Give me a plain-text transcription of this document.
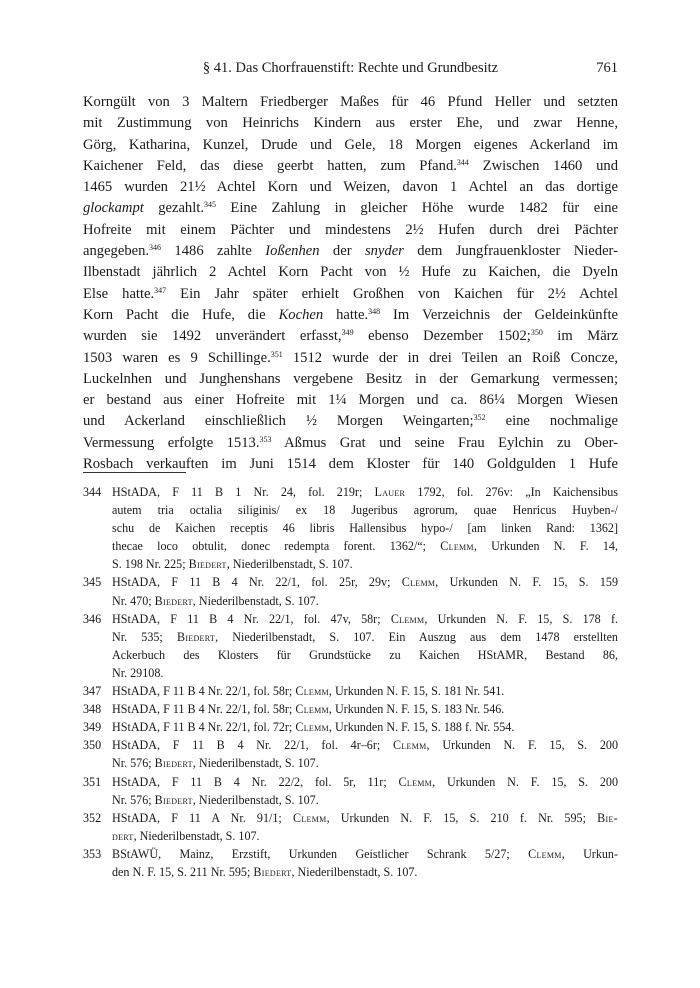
§ 41. Das Chorfrauenstift: Rechte und Grundbesitz	761
Korngült von 3 Maltern Friedberger Maßes für 46 Pfund Heller und setzten
mit Zustimmung von Heinrichs Kindern aus erster Ehe, und zwar Henne,
Görg, Katharina, Kunzel, Drude und Gele, 18 Morgen eigenes Ackerland im
Kaichener Feld, das diese geerbt hatten, zum Pfand.$^{344}$ Zwischen 1460 und
1465 wurden 21½ Achtel Korn und Weizen, davon 1 Achtel an das dortige
glockampt gezahlt.$^{345}$ Eine Zahlung in gleicher Höhe wurde 1482 für eine
Hofreite mit einem Pächter und mindestens 2½ Hufen durch drei Pächter
angegeben.$^{346}$ 1486 zahlte Ioßenhen der snyder dem Jungfrauenkloster Nieder-
Ilbenstadt jährlich 2 Achtel Korn Pacht von ½ Hufe zu Kaichen, die Dyeln
Else hatte.$^{347}$ Ein Jahr später erhielt Großhen von Kaichen für 2½ Achtel
Korn Pacht die Hufe, die Kochen hatte.$^{348}$ Im Verzeichnis der Geldeinkünfte
wurden sie 1492 unverändert erfasst,$^{349}$ ebenso Dezember 1502;$^{350}$ im März
1503 waren es 9 Schillinge.$^{351}$ 1512 wurde der in drei Teilen an Roiß Concze,
Luckelnhen und Junghenshans vergebene Besitz in der Gemarkung vermessen;
er bestand aus einer Hofreite mit 1¼ Morgen und ca. 86¼ Morgen Wiesen
und Ackerland einschließlich ½ Morgen Weingarten;$^{352}$ eine nochmalige
Vermessung erfolgte 1513.$^{353}$ Aßmus Grat und seine Frau Eylchin zu Ober-
Rosbach verkauften im Juni 1514 dem Kloster für 140 Goldgulden 1 Hufe
344 HStADA, F 11 B 1 Nr. 24, fol. 219r; Lauer 1792, fol. 276v: „In Kaichensibus
autem tria octalia siliginis/ ex 18 Jugeribus agrorum, quae Henricus Huyben-/
schu de Kaichen receptis 46 libris Hallensibus hypo-/ [am linken Rand: 1362]
thecae loco obtulit, donec redempta forent. 1362/“; Clemm, Urkunden N. F. 14,
S. 198 Nr. 225; Biedert, Niederilbenstadt, S. 107.
345 HStADA, F 11 B 4 Nr. 22/1, fol. 25r, 29v; Clemm, Urkunden N. F. 15, S. 159
Nr. 470; Biedert, Niederilbenstadt, S. 107.
346 HStADA, F 11 B 4 Nr. 22/1, fol. 47v, 58r; Clemm, Urkunden N. F. 15, S. 178 f.
Nr. 535; Biedert, Niederilbenstadt, S. 107. Ein Auszug aus dem 1478 erstellten
Ackerbuch des Klosters für Grundstücke zu Kaichen HStAMR, Bestand 86,
Nr. 29108.
347 HStADA, F 11 B 4 Nr. 22/1, fol. 58r; Clemm, Urkunden N. F. 15, S. 181 Nr. 541.
348 HStADA, F 11 B 4 Nr. 22/1, fol. 58r; Clemm, Urkunden N. F. 15, S. 183 Nr. 546.
349 HStADA, F 11 B 4 Nr. 22/1, fol. 72r; Clemm, Urkunden N. F. 15, S. 188 f. Nr. 554.
350 HStADA, F 11 B 4 Nr. 22/1, fol. 4r–6r; Clemm, Urkunden N. F. 15, S. 200
Nr. 576; Biedert, Niederilbenstadt, S. 107.
351 HStADA, F 11 B 4 Nr. 22/2, fol. 5r, 11r; Clemm, Urkunden N. F. 15, S. 200
Nr. 576; Biedert, Niederilbenstadt, S. 107.
352 HStADA, F 11 A Nr. 91/1; Clemm, Urkunden N. F. 15, S. 210 f. Nr. 595; Bie-
dert, Niederilbenstadt, S. 107.
353 BStAWÜ, Mainz, Erzstift, Urkunden Geistlicher Schrank 5/27; Clemm, Urkun-
den N. F. 15, S. 211 Nr. 595; Biedert, Niederilbenstadt, S. 107.
